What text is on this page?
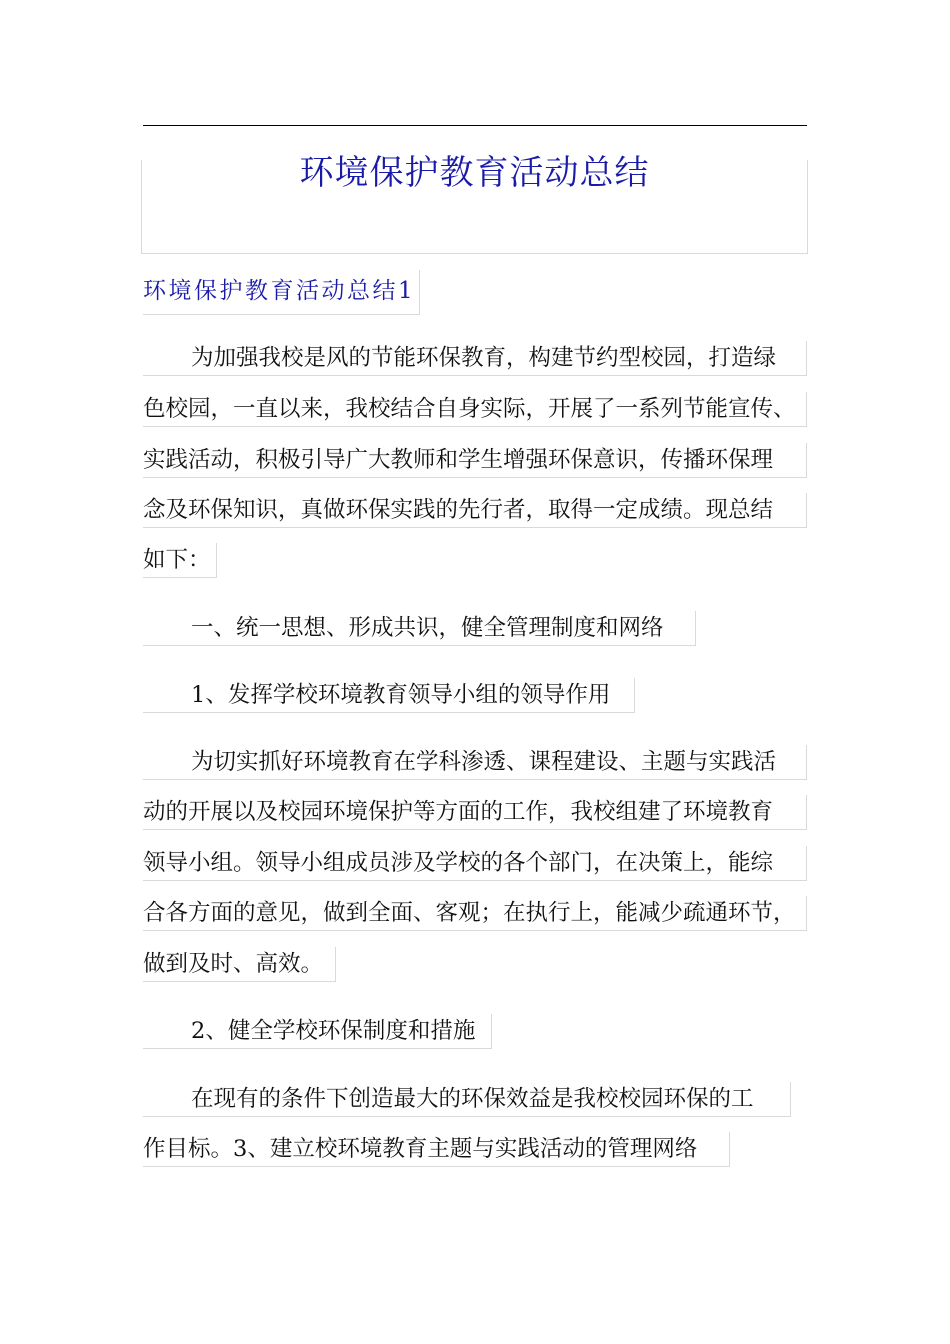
环境保护教育活动总结
环境保护教育活动总结1
为加强我校是风的节能环保教育，构建节约型校园，打造绿
色校园，一直以来，我校结合自身实际，开展了一系列节能宣传、
实践活动，积极引导广大教师和学生增强环保意识，传播环保理
念及环保知识，真做环保实践的先行者，取得一定成绩。现总结
如下：
一、统一思想、形成共识，健全管理制度和网络
1、发挥学校环境教育领导小组的领导作用
为切实抓好环境教育在学科渗透、课程建设、主题与实践活
动的开展以及校园环境保护等方面的工作，我校组建了环境教育
领导小组。领导小组成员涉及学校的各个部门，在决策上，能综
合各方面的意见，做到全面、客观；在执行上，能减少疏通环节，
做到及时、高效。
2、健全学校环保制度和措施
在现有的条件下创造最大的环保效益是我校校园环保的工
作目标。3、建立校环境教育主题与实践活动的管理网络
